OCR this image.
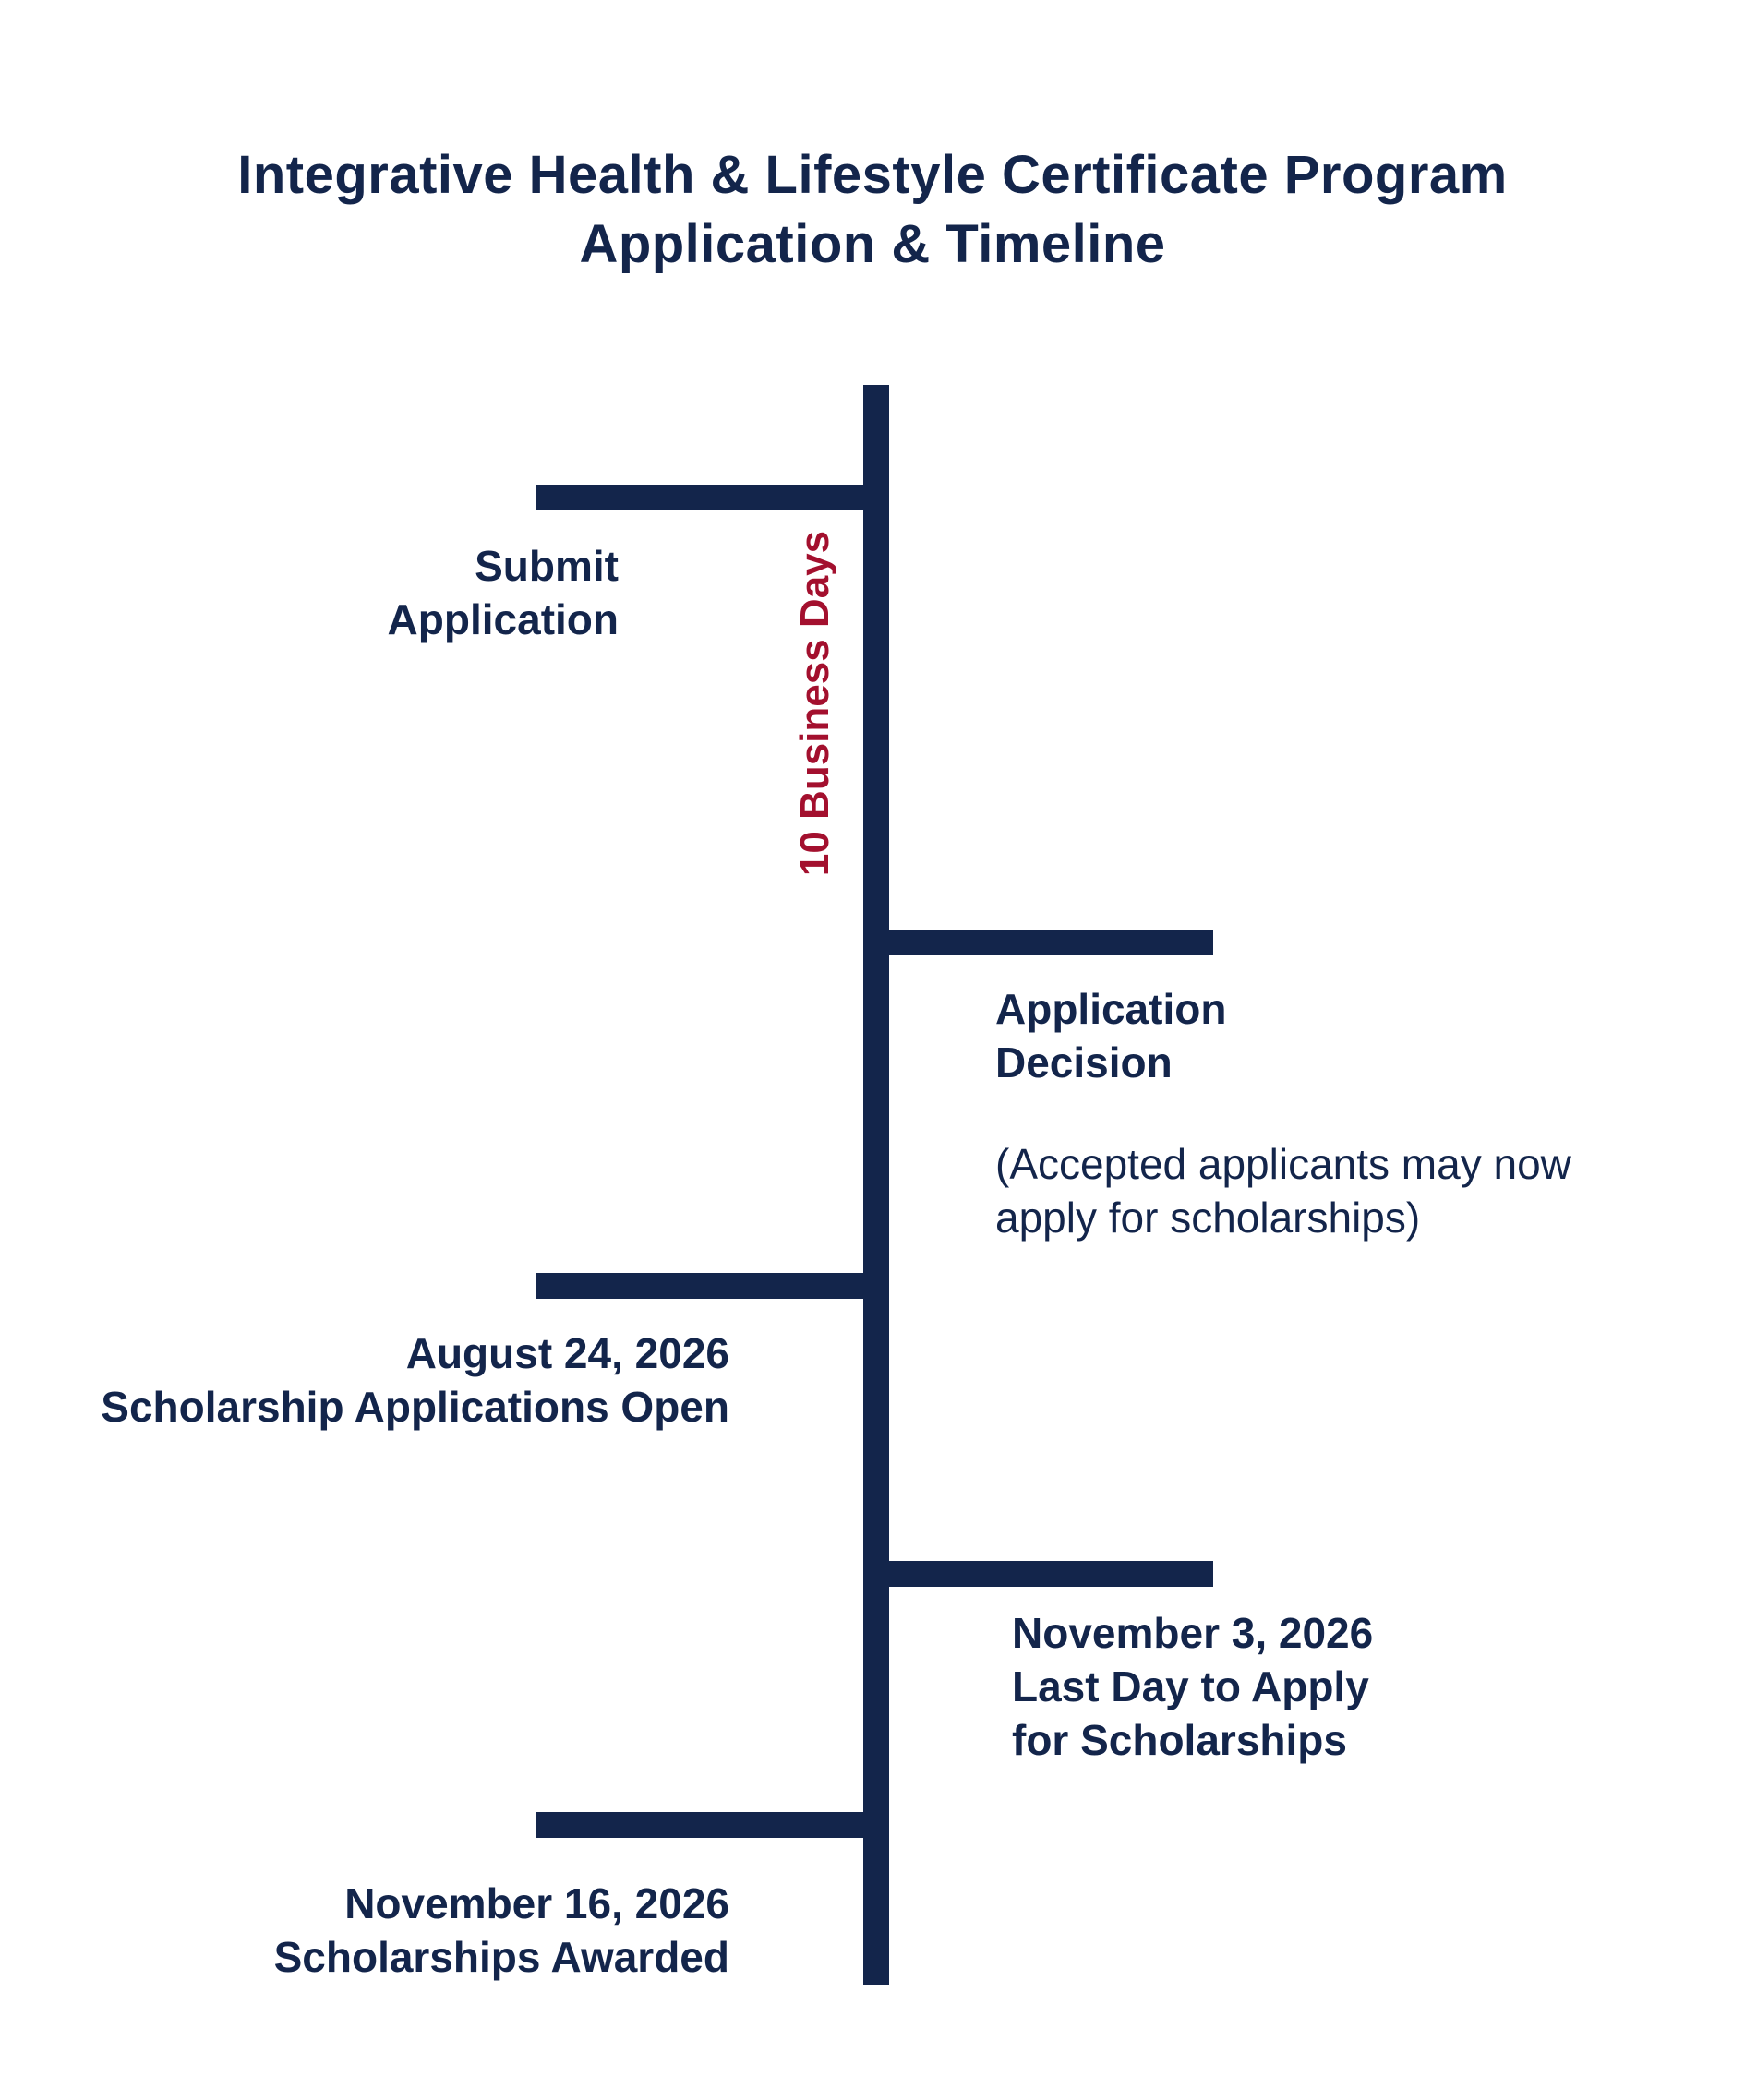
Integrative Health & Lifestyle Certificate Program
Application & Timeline
Submit
Application	10 Business Days
Application
Decision
(Accepted applicants may now
apply for scholarships)
August 24, 2026
Scholarship Applications Open
November 3, 2026
Last Day to Apply
for Scholarships
November 16, 2026
Scholarships Awarded
